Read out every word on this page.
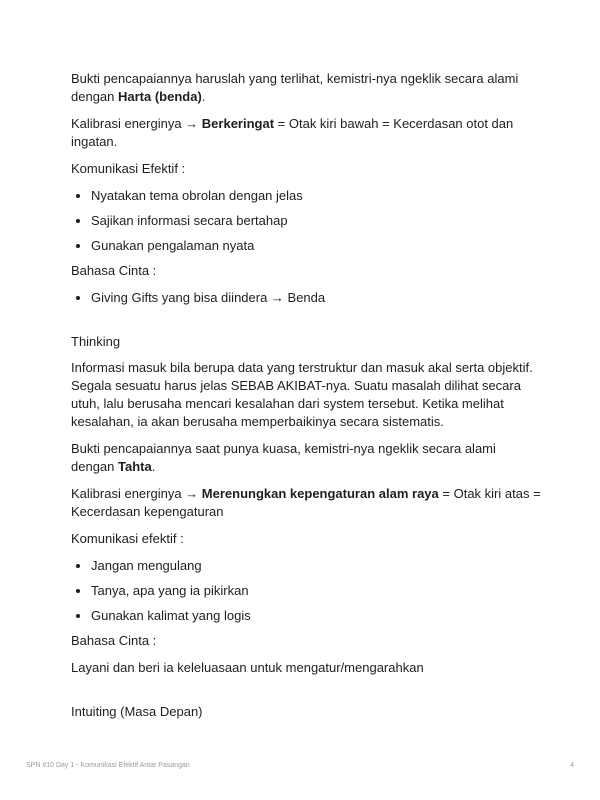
Bukti pencapaiannya haruslah yang terlihat, kemistri-nya ngeklik secara alami dengan Harta (benda).

Kalibrasi energinya → Berkeringat = Otak kiri bawah = Kecerdasan otot dan ingatan.

Komunikasi Efektif :

• Nyatakan tema obrolan dengan jelas
• Sajikan informasi secara bertahap
• Gunakan pengalaman nyata

Bahasa Cinta :

• Giving Gifts yang bisa diindera → Benda

Thinking

Informasi masuk bila berupa data yang terstruktur dan masuk akal serta objektif. Segala sesuatu harus jelas SEBAB AKIBAT-nya. Suatu masalah dilihat secara utuh, lalu berusaha mencari kesalahan dari system tersebut. Ketika melihat kesalahan, ia akan berusaha memperbaikinya secara sistematis.

Bukti pencapaiannya saat punya kuasa, kemistri-nya ngeklik secara alami dengan Tahta.

Kalibrasi energinya → Merenungkan kepengaturan alam raya = Otak kiri atas = Kecerdasan kepengaturan

Komunikasi efektif :

• Jangan mengulang
• Tanya, apa yang ia pikirkan
• Gunakan kalimat yang logis

Bahasa Cinta :

Layani dan beri ia keleluasaan untuk mengatur/mengarahkan

Intuiting (Masa Depan)

SPN #10 Day 1 - Komunikasi Efektif Antar Pasangan	4
